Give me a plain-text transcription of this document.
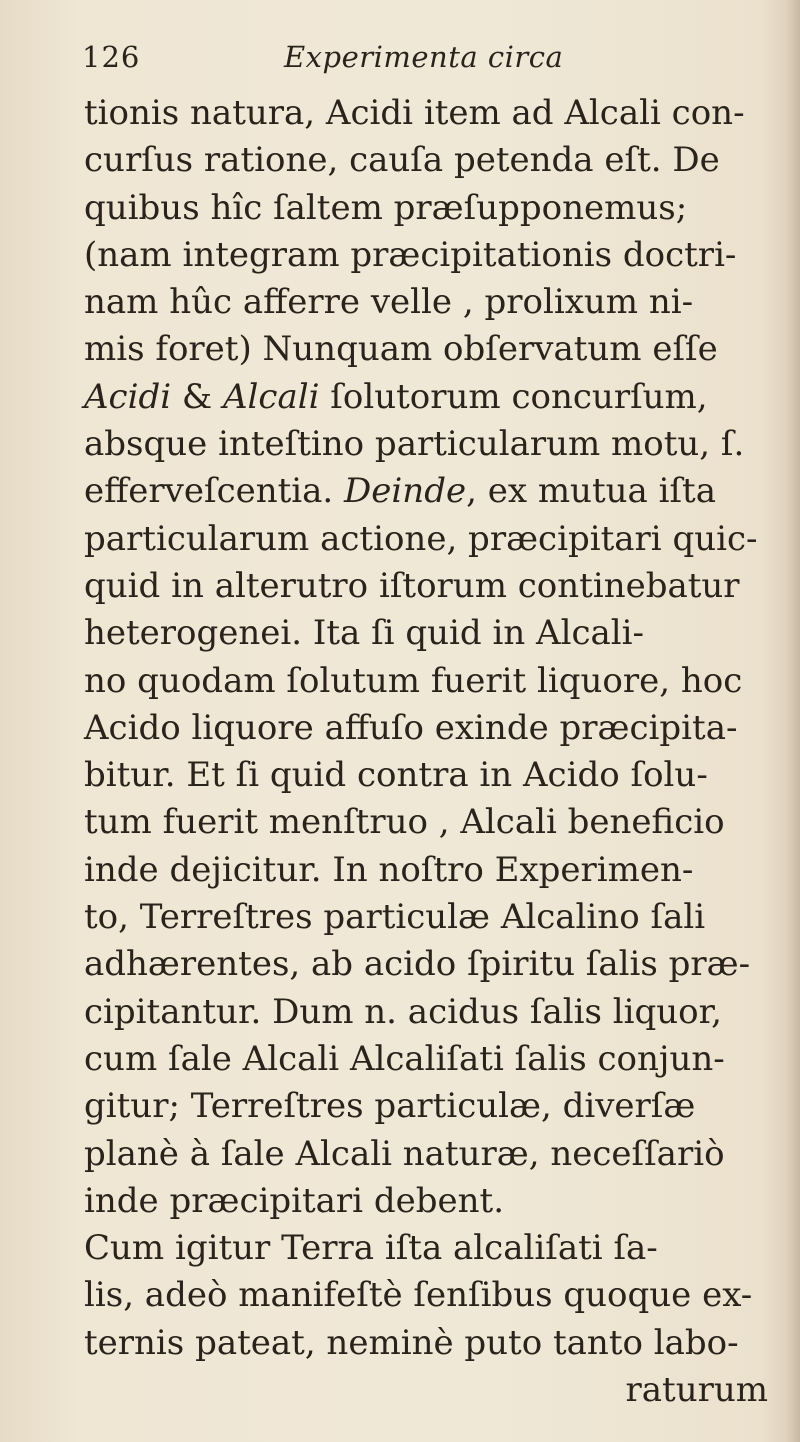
126	Experimenta circa
tionis natura, Acidi item ad Alcali con-
curſus ratione, cauſa petenda eſt. De
quibus hîc ſaltem præſupponemus;
(nam integram præcipitationis doctri-
nam hûc afferre velle , prolixum ni-
mis foret) Nunquam obſervatum eſſe
Acidi & Alcali ſolutorum concurſum,
absque inteſtino particularum motu, ſ.
efferveſcentia. Deinde, ex mutua iſta
particularum actione, præcipitari quic-
quid in alterutro iſtorum continebatur
heterogenei. Ita ſi quid in Alcali-
no quodam ſolutum fuerit liquore, hoc
Acido liquore affuſo exinde præcipita-
bitur. Et ſi quid contra in Acido ſolu-
tum fuerit menſtruo , Alcali beneficio
inde dejicitur. In noſtro Experimen-
to, Terreſtres particulæ Alcalino ſali
adhærentes, ab acido ſpiritu ſalis præ-
cipitantur. Dum n. acidus ſalis liquor,
cum ſale Alcali Alcaliſati ſalis conjun-
gitur; Terreſtres particulæ, diverſæ
planè à ſale Alcali naturæ, neceſſariò
inde præcipitari debent.
Cum igitur Terra iſta alcaliſati ſa-
lis, adeò manifeſtè ſenſibus quoque ex-
ternis pateat, neminè puto tanto labo-
raturum
